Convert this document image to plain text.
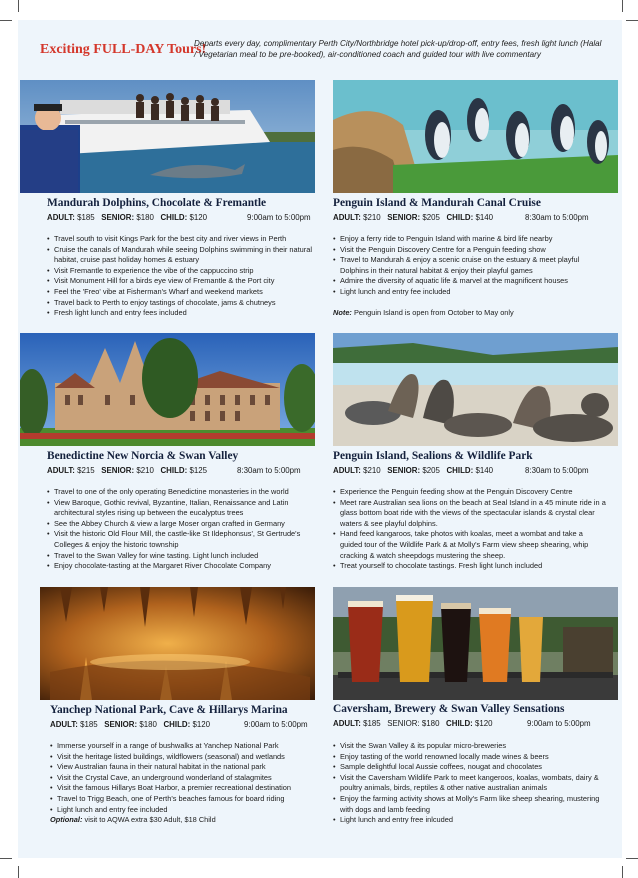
Exciting FULL-DAY Tours!
Departs every day, complimentary Perth City/Northbridge hotel pick-up/drop-off, entry fees, fresh light lunch (Halal / Vegetarian meal to be pre-booked), air-conditioned coach and guided tour with live commentary
Mandurah Dolphins, Chocolate & Fremantle
ADULT: $185 SENIOR: $180 CHILD: $120	9:00am to 5:00pm
• Travel south to visit Kings Park for the best city and river views in Perth
• Cruise the canals of Mandurah while seeing Dolphins swimming in their natural habitat, cruise past holiday homes & estuary
• Visit Fremantle to experience the vibe of the cappuccino strip
• Visit Monument Hill for a birds eye view of Fremantle & the Port city
• Feel the 'Freo' vibe at Fisherman's Wharf and weekend markets
• Travel back to Perth to enjoy tastings of chocolate, jams & chutneys
• Fresh light lunch and entry fees included
Penguin Island & Mandurah Canal Cruise
ADULT: $210 SENIOR: $205 CHILD: $140	8:30am to 5:00pm
• Enjoy a ferry ride to Penguin Island with marine & bird life nearby
• Visit the Penguin Discovery Centre for a Penguin feeding show
• Travel to Mandurah & enjoy a scenic cruise on the estuary & meet playful Dolphins in their natural habitat & enjoy their playful games
• Admire the diversity of aquatic life & marvel at the magnificent houses
• Light lunch and entry fee included
Note: Penguin Island is open from October to May only
Benedictine New Norcia & Swan Valley
ADULT: $215 SENIOR: $210 CHILD: $125	8:30am to 5:00pm
• Travel to one of the only operating Benedictine monasteries in the world
• View Baroque, Gothic revival, Byzantine, Italian, Renaissance and Latin architectural styles rising up between the eucalyptus trees
• See the Abbey Church & view a large Moser organ crafted in Germany
• Visit the historic Old Flour Mill, the castle-like St Ildephonsus', St Gertrude's Colleges & enjoy the historic township
• Travel to the Swan Valley for wine tasting. Light lunch included
• Enjoy chocolate-tasting at the Margaret River Chocolate Company
Penguin Island, Sealions & Wildlife Park
ADULT: $210 SENIOR: $205 CHILD: $140	8:30am to 5:00pm
• Experience the Penguin feeding show at the Penguin Discovery Centre
• Meet rare Australian sea lions on the beach at Seal Island in a 45 minute ride in a glass bottom boat ride with the views of the spectacular islands & crystal clear waters & see playful dolphins.
• Hand feed kangaroos, take photos with koalas, meet a wombat and take a guided tour of the Wildlife Park & at Molly's Farm view sheep shearing, whip cracking & watch sheepdogs mustering the sheep.
• Treat yourself to chocolate tastings. Fresh light lunch included
Yanchep National Park, Cave & Hillarys Marina
ADULT: $185 SENIOR: $180 CHILD: $120	9:00am to 5:00pm
• Immerse yourself in a range of bushwalks at Yanchep National Park
• Visit the heritage listed buildings, wildflowers (seasonal) and wetlands
• View Australian fauna in their natural habitat in the national park
• Visit the Crystal Cave, an underground wonderland of stalagmites
• Visit the famous Hillarys Boat Harbor, a premier recreational destination
• Travel to Trigg Beach, one of Perth's beaches famous for board riding
• Light lunch and entry fee included
Optional: visit to AQWA extra $30 Adult, $18 Child
Caversham, Brewery & Swan Valley Sensations
ADULT: $185 SENIOR: $180 CHILD: $120	9:00am to 5:00pm
• Visit the Swan Valley & its popular micro-breweries
• Enjoy tasting of the world renowned locally made wines & beers
• Sample delightful local Aussie coffees, nougat and chocolates
• Visit the Caversham Wildlife Park to meet kangeroos, koalas, wombats, dairy & poultry animals, birds, reptiles & other native australian animals
• Enjoy the farming activity shows at Molly's Farm like sheep shearing, mustering with dogs and lamb feeding
• Light lunch and entry free inlcuded
